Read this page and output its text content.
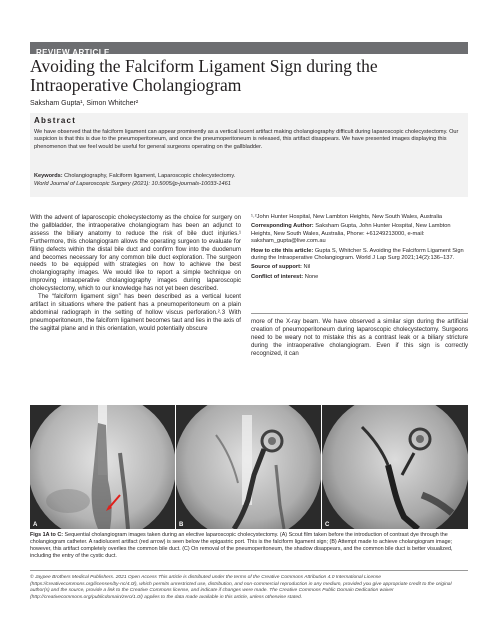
REVIEW ARTICLE
Avoiding the Falciform Ligament Sign during the Intraoperative Cholangiogram
Saksham Gupta¹, Simon Whitcher²
Abstract
We have observed that the falciform ligament can appear prominently as a vertical lucent artifact making cholangiography difficult during laparoscopic cholecystectomy. Our suspicion is that this is due to the pneumoperitoneum, and once the pneumoperitoneum is released, this artifact disappears. We have presented images displaying this phenomenon that we feel would be useful for general surgeons operating on the gallbladder.
Keywords: Cholangiography, Falciform ligament, Laparoscopic cholecystectomy.
World Journal of Laparoscopic Surgery (2021): 10.5005/jp-journals-10033-1461

With the advent of laparoscopic cholecystectomy as the choice for surgery on the gallbladder, the intraoperative cholangiogram has been an adjunct to assess the biliary anatomy to reduce the risk of bile duct injuries.¹ Furthermore, this cholangiogram allows the operating surgeon to evaluate for filling defects within the distal bile duct and confirm flow into the duodenum and becomes necessary for any common bile duct exploration. The surgeon needs to be equipped with strategies on how to achieve the best cholangiography images. We would like to report a simple technique on improving intraoperative cholangiography images during laparoscopic cholecystectomy, which to our knowledge has not yet been described.

The “falciform ligament sign” has been described as a vertical lucent artifact in situations where the patient has a pneumoperitoneum on a plain abdominal radiograph in the setting of hollow viscus perforation.²˒3 With pneumoperitoneum, the falciform ligament becomes taut and lies in the axis of the sagittal plane and in this orientation, would potentially obscure

¹˒²John Hunter Hospital, New Lambton Heights, New South Wales, Australia

Corresponding Author: Saksham Gupta, John Hunter Hospital, New Lambton Heights, New South Wales, Australia, Phone: +61249213000, e-mail: saksham_gupta@live.com.au

How to cite this article: Gupta S, Whitcher S. Avoiding the Falciform Ligament Sign during the Intraoperative Cholangiogram. World J Lap Surg 2021;14(2):136–137.

Source of support: Nil

Conflict of interest: None

more of the X-ray beam. We have observed a similar sign during the artificial creation of pneumoperitoneum during laparoscopic cholecystectomy. Surgeons need to be weary not to mistake this as a contrast leak or a biliary stricture during the intraoperative cholangiogram. Even if this sign is correctly recognized, it can

A	B	C
Figs 1A to C: Sequential cholangiogram images taken during an elective laparoscopic cholecystectomy. (A) Scout film taken before the introduction of contrast dye through the cholangiogram catheter. A radiolucent artifact (red arrow) is seen below the epigastric port. This is the falciform ligament sign; (B) Attempt made to achieve cholangiogram image; however, this artifact completely overlies the common bile duct. (C) On removal of the pneumoperitoneum, the shadow disappears, and the common bile duct is better visualized, including the entry of the cystic duct.
© Jaypee Brothers Medical Publishers. 2021 Open Access This article is distributed under the terms of the Creative Commons Attribution 4.0 International License (https://creativecommons.org/licenses/by-nc/4.0/), which permits unrestricted use, distribution, and non-commercial reproduction in any medium, provided you give appropriate credit to the original author(s) and the source, provide a link to the Creative Commons license, and indicate if changes were made. The Creative Commons Public Domain Dedication waiver (http://creativecommons.org/publicdomain/zero/1.0/) applies to the data made available in this article, unless otherwise stated.
